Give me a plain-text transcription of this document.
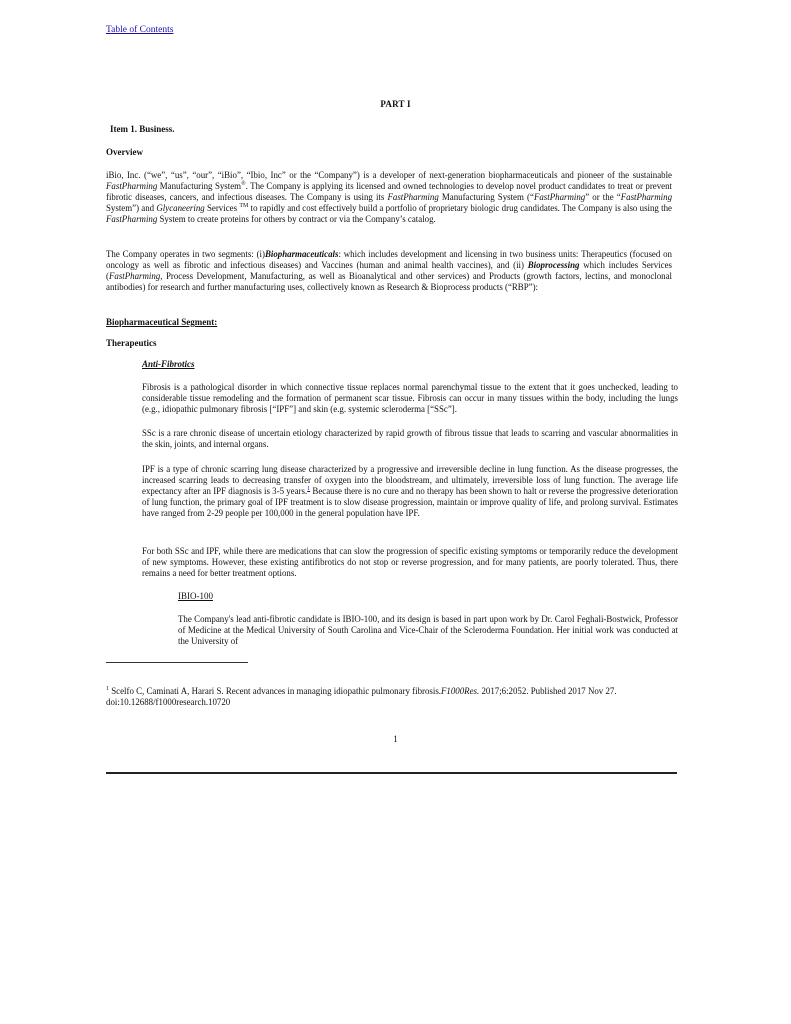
Table of Contents
PART I
Item 1. Business.
Overview

iBio, Inc. (“we”, “us”, “our”, “iBio”, “Ibio, Inc” or the “Company”) is a developer of next-generation biopharmaceuticals and pioneer of the sustainable FastPharming Manufacturing System®. The Company is applying its licensed and owned technologies to develop novel product candidates to treat or prevent fibrotic diseases, cancers, and infectious diseases. The Company is using its FastPharming Manufacturing System (“FastPharming” or the “FastPharming System”) and Glycaneering Services ™ to rapidly and cost effectively build a portfolio of proprietary biologic drug candidates. The Company is also using the FastPharming System to create proteins for others by contract or via the Company’s catalog.

The Company operates in two segments: (i)Biopharmaceuticals: which includes development and licensing in two business units: Therapeutics (focused on oncology as well as fibrotic and infectious diseases) and Vaccines (human and animal health vaccines), and (ii) Bioprocessing which includes Services (FastPharming, Process Development, Manufacturing, as well as Bioanalytical and other services) and Products (growth factors, lectins, and monoclonal antibodies) for research and further manufacturing uses, collectively known as Research & Bioprocess products (“RBP”):

Biopharmaceutical Segment:
Therapeutics
Anti-Fibrotics

Fibrosis is a pathological disorder in which connective tissue replaces normal parenchymal tissue to the extent that it goes unchecked, leading to considerable tissue remodeling and the formation of permanent scar tissue. Fibrosis can occur in many tissues within the body, including the lungs (e.g., idiopathic pulmonary fibrosis [“IPF”] and skin (e.g. systemic scleroderma [“SSc”].

SSc is a rare chronic disease of uncertain etiology characterized by rapid growth of fibrous tissue that leads to scarring and vascular abnormalities in the skin, joints, and internal organs.

IPF is a type of chronic scarring lung disease characterized by a progressive and irreversible decline in lung function. As the disease progresses, the increased scarring leads to decreasing transfer of oxygen into the bloodstream, and ultimately, irreversible loss of lung function. The average life expectancy after an IPF diagnosis is 3-5 years.$^1$ Because there is no cure and no therapy has been shown to halt or reverse the progressive deterioration of lung function, the primary goal of IPF treatment is to slow disease progression, maintain or improve quality of life, and prolong survival. Estimates have ranged from 2-29 people per 100,000 in the general population have IPF.

For both SSc and IPF, while there are medications that can slow the progression of specific existing symptoms or temporarily reduce the development of new symptoms. However, these existing antifibrotics do not stop or reverse progression, and for many patients, are poorly tolerated. Thus, there remains a need for better treatment options.

IBIO-100

The Company's lead anti-fibrotic candidate is IBIO-100, and its design is based in part upon work by Dr. Carol Feghali-Bostwick, Professor of Medicine at the Medical University of South Carolina and Vice-Chair of the Scleroderma Foundation. Her initial work was conducted at the University of

$^1$ Scelfo C, Caminati A, Harari S. Recent advances in managing idiopathic pulmonary fibrosis.F1000Res. 2017;6:2052. Published 2017 Nov 27. doi:10.12688/f1000research.10720

1
